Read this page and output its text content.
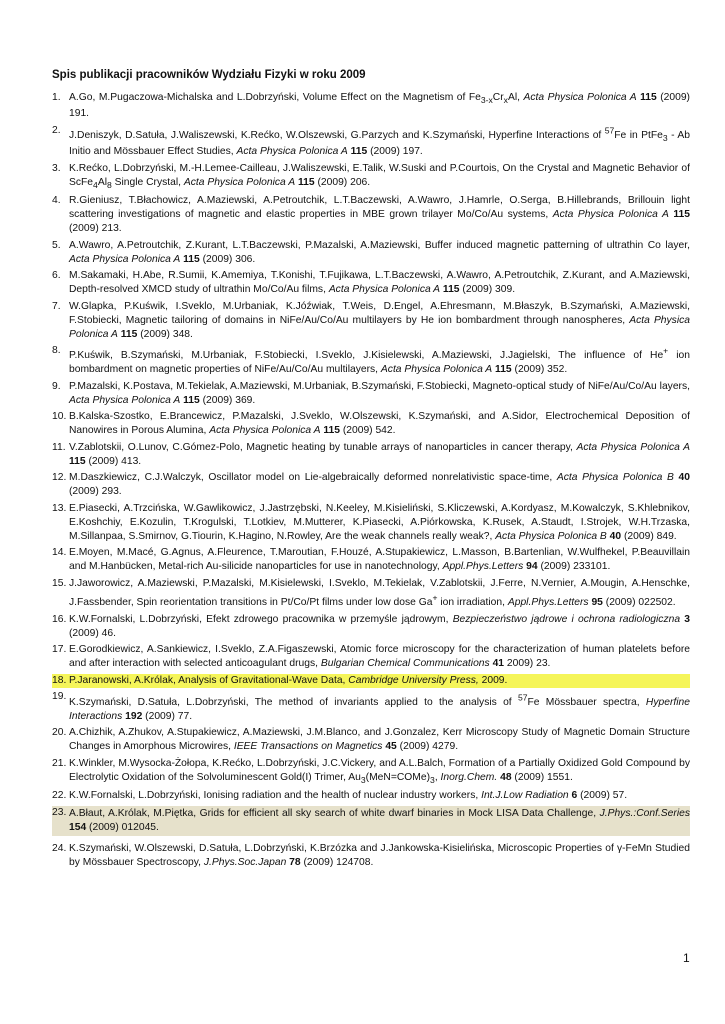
Spis publikacji pracowników Wydziału Fizyki w roku 2009
1. A.Go, M.Pugaczowa-Michalska and L.Dobrzyński, Volume Effect on the Magnetism of $Fe_{3-x}Cr_xAl$, Acta Physica Polonica A 115 (2009) 191.
2. J.Deniszyk, D.Satuła, J.Waliszewski, K.Rećko, W.Olszewski, G.Parzych and K.Szymański, Hyperfine Interactions of $^{57}$Fe in PtFe$_3$ - Ab Initio and Mössbauer Effect Studies, Acta Physica Polonica A 115 (2009) 197.
3. K.Rećko, L.Dobrzyński, M.-H.Lemee-Cailleau, J.Waliszewski, E.Talik, W.Suski and P.Courtois, On the Crystal and Magnetic Behavior of $ScFe_4Al_8$ Single Crystal, Acta Physica Polonica A 115 (2009) 206.
4. R.Gieniusz, T.Błachowicz, A.Maziewski, A.Petroutchik, L.T.Baczewski, A.Wawro, J.Hamrle, O.Serga, B.Hillebrands, Brillouin light scattering investigations of magnetic and elastic properties in MBE grown trilayer Mo/Co/Au systems, Acta Physica Polonica A 115 (2009) 213.
5. A.Wawro, A.Petroutchik, Z.Kurant, L.T.Baczewski, P.Mazalski, A.Maziewski, Buffer induced magnetic patterning of ultrathin Co layer, Acta Physica Polonica A 115 (2009) 306.
6. M.Sakamaki, H.Abe, R.Sumii, K.Amemiya, T.Konishi, T.Fujikawa, L.T.Baczewski, A.Wawro, A.Petroutchik, Z.Kurant, and A.Maziewski, Depth-resolved XMCD study of ultrathin Mo/Co/Au films, Acta Physica Polonica A 115 (2009) 309.
7. W.Glapka, P.Kuświk, I.Sveklo, M.Urbaniak, K.Jóźwiak, T.Weis, D.Engel, A.Ehresmann, M.Błaszyk, B.Szymański, A.Maziewski, F.Stobiecki, Magnetic tailoring of domains in NiFe/Au/Co/Au multilayers by He ion bombardment through nanospheres, Acta Physica Polonica A 115 (2009) 348.
8. P.Kuświk, B.Szymański, M.Urbaniak, F.Stobiecki, I.Sveklo, J.Kisielewski, A.Maziewski, J.Jagielski, The influence of He+ ion bombardment on magnetic properties of NiFe/Au/Co/Au multilayers, Acta Physica Polonica A 115 (2009) 352.
9. P.Mazalski, K.Postava, M.Tekielak, A.Maziewski, M.Urbaniak, B.Szymański, F.Stobiecki, Magneto-optical study of NiFe/Au/Co/Au layers, Acta Physica Polonica A 115 (2009) 369.
10. B.Kalska-Szostko, E.Brancewicz, P.Mazalski, J.Sveklo, W.Olszewski, K.Szymański, and A.Sidor, Electrochemical Deposition of Nanowires in Porous Alumina, Acta Physica Polonica A 115 (2009) 542.
11. V.Zablotskii, O.Lunov, C.Gómez-Polo, Magnetic heating by tunable arrays of nanoparticles in cancer therapy, Acta Physica Polonica A 115 (2009) 413.
12. M.Daszkiewicz, C.J.Walczyk, Oscillator model on Lie-algebraically deformed nonrelativistic space-time, Acta Physica Polonica B 40 (2009) 293.
13. E.Piasecki, A.Trzcińska, W.Gawlikowicz, J.Jastrzębski, N.Keeley, M.Kisieliński, S.Kliczewski, A.Kordyasz, M.Kowalczyk, S.Khlebnikov, E.Koshchiy, E.Kozulin, T.Krogulski, T.Lotkiev, M.Mutterer, K.Piasecki, A.Piórkowska, K.Rusek, A.Staudt, I.Strojek, W.H.Trzaska, M.Sillanpaa, S.Smirnov, G.Tiourin, K.Hagino, N.Rowley, Are the weak channels really weak?, Acta Physica Polonica B 40 (2009) 849.
14. E.Moyen, M.Macé, G.Agnus, A.Fleurence, T.Maroutian, F.Houzé, A.Stupakiewicz, L.Masson, B.Bartenlian, W.Wulfhekel, P.Beauvillain and M.Hanbücken, Metal-rich Au-silicide nanoparticles for use in nanotechnology, Appl.Phys.Letters 94 (2009) 233101.
15. J.Jaworowicz, A.Maziewski, P.Mazalski, M.Kisielewski, I.Sveklo, M.Tekielak, V.Zablotskii, J.Ferre, N.Vernier, A.Mougin, A.Henschke, J.Fassbender, Spin reorientation transitions in Pt/Co/Pt films under low dose Ga+ ion irradiation, Appl.Phys.Letters 95 (2009) 022502.
16. K.W.Fornalski, L.Dobrzyński, Efekt zdrowego pracownika w przemyśle jądrowym, Bezpieczeństwo jądrowe i ochrona radiologiczna 3 (2009) 46.
17. E.Gorodkiewicz, A.Sankiewicz, I.Sveklo, Z.A.Figaszewski, Atomic force microscopy for the characterization of human platelets before and after interaction with selected anticoagulant drugs, Bulgarian Chemical Communications 41 2009) 23.
18. P.Jaranowski, A.Królak, Analysis of Gravitational-Wave Data, Cambridge University Press, 2009.
19. K.Szymański, D.Satuła, L.Dobrzyński, The method of invariants applied to the analysis of $^{57}$Fe Mössbauer spectra, Hyperfine Interactions 192 (2009) 77.
20. A.Chizhik, A.Zhukov, A.Stupakiewicz, A.Maziewski, J.M.Blanco, and J.Gonzalez, Kerr Microscopy Study of Magnetic Domain Structure Changes in Amorphous Microwires, IEEE Transactions on Magnetics 45 (2009) 4279.
21. K.Winkler, M.Wysocka-Żołopa, K.Rećko, L.Dobrzyński, J.C.Vickery, and A.L.Balch, Formation of a Partially Oxidized Gold Compound by Electrolytic Oxidation of the Solvoluminescent Gold(I) Trimer, $Au_3(MeN=COMe)_3$, Inorg.Chem. 48 (2009) 1551.
22. K.W.Fornalski, L.Dobrzyński, Ionising radiation and the health of nuclear industry workers, Int.J.Low Radiation 6 (2009) 57.
23. A.Błaut, A.Królak, M.Piętka, Grids for efficient all sky search of white dwarf binaries in Mock LISA Data Challenge, J.Phys.:Conf.Series 154 (2009) 012045.
24. K.Szymański, W.Olszewski, D.Satuła, L.Dobrzyński, K.Brzózka and J.Jankowska-Kisielińska, Microscopic Properties of γ-FeMn Studied by Mössbauer Spectroscopy, J.Phys.Soc.Japan 78 (2009) 124708.
1
